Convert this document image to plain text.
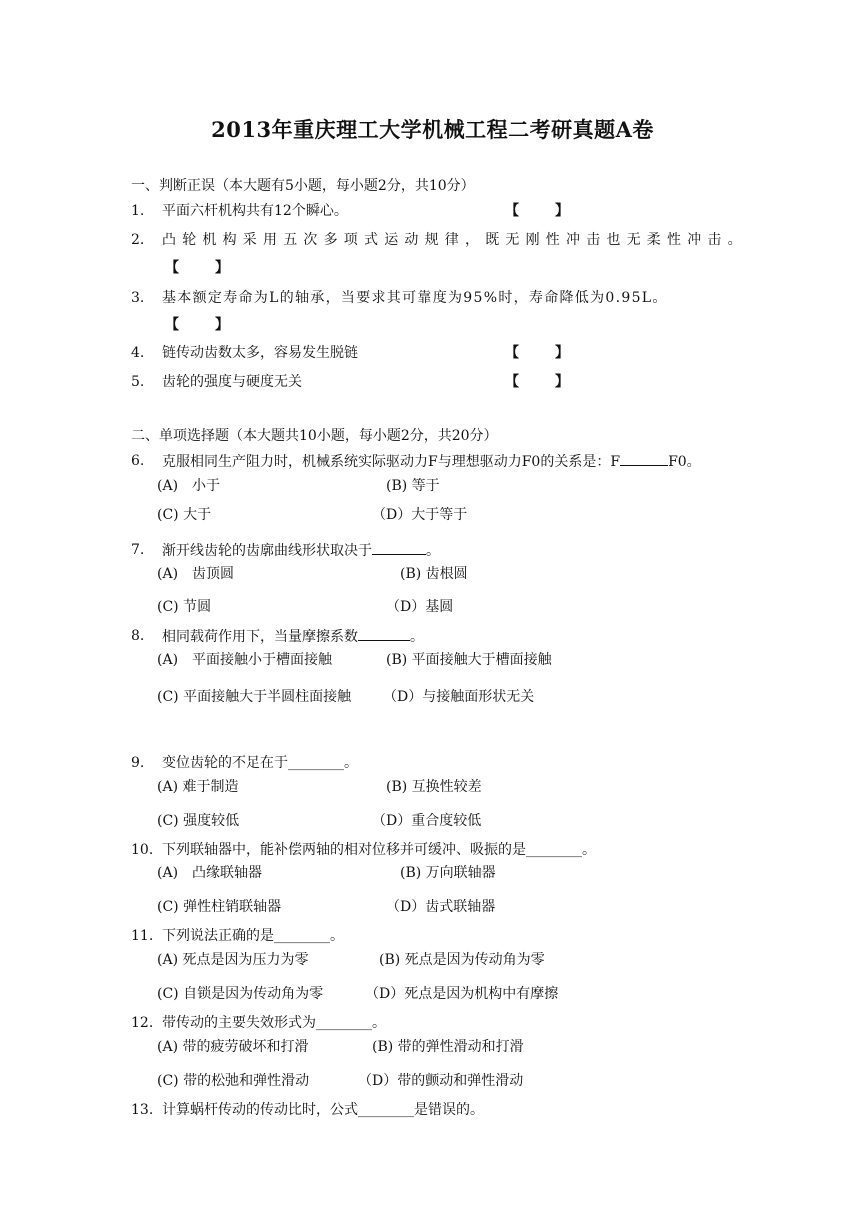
2013年重庆理工大学机械工程二考研真题A卷
一、判断正误（本大题有5小题，每小题2分，共10分）
1. 平面六杆机构共有12个瞬心。	【	】
2. 凸轮机构采用五次多项式运动规律，既无刚性冲击也无柔性冲击。
【	】
3. 基本额定寿命为L的轴承，当要求其可靠度为95%时，寿命降低为0.95L。
【	】
4. 链传动齿数太多，容易发生脱链	【	】
5. 齿轮的强度与硬度无关	【	】
二、单项选择题（本大题共10小题，每小题2分，共20分）
6. 克服相同生产阻力时，机械系统实际驱动力F与理想驱动力F0的关系是：F	F0。
(A)　小于	(B) 等于
(C) 大于	（D）大于等于
7. 渐开线齿轮的齿廓曲线形状取决于	。
(A)　齿顶圆	(B) 齿根圆
(C) 节圆	（D）基圆
8. 相同载荷作用下，当量摩擦系数	。
(A)　平面接触小于槽面接触	(B) 平面接触大于槽面接触
(C) 平面接触大于半圆柱面接触 （D）与接触面形状无关
9. 变位齿轮的不足在于________。
(A) 难于制造	(B) 互换性较差
(C) 强度较低	（D）重合度较低
10. 下列联轴器中，能补偿两轴的相对位移并可缓冲、吸振的是________。
(A)　凸缘联轴器	(B) 万向联轴器
(C) 弹性柱销联轴器	（D）齿式联轴器
11. 下列说法正确的是________。
(A) 死点是因为压力为零	(B) 死点是因为传动角为零
(C) 自锁是因为传动角为零	（D）死点是因为机构中有摩擦
12. 带传动的主要失效形式为________。
(A) 带的疲劳破坏和打滑	(B) 带的弹性滑动和打滑
(C) 带的松弛和弹性滑动	（D）带的颤动和弹性滑动
13. 计算蜗杆传动的传动比时，公式________是错误的。
